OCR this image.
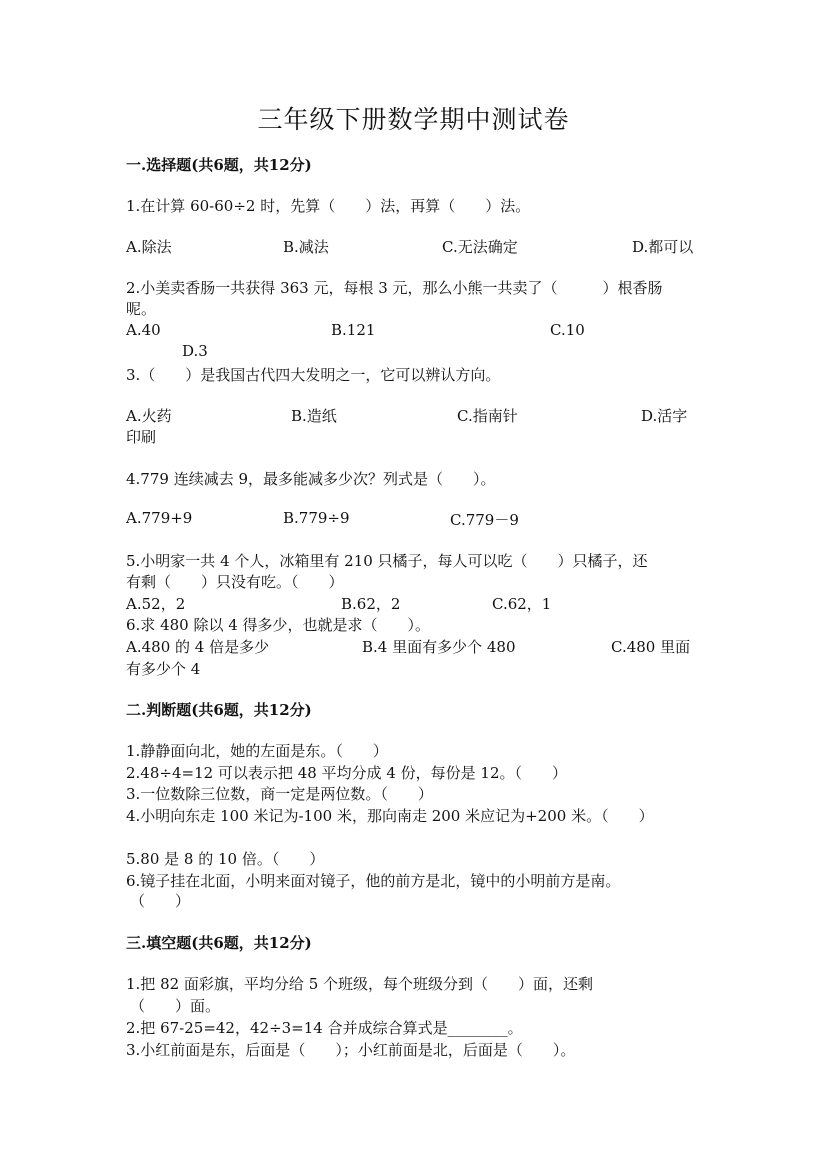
三年级下册数学期中测试卷
一.选择题(共6题，共12分)
1.在计算 60-60÷2 时，先算（　　）法，再算（　　）法。
A.除法	B.减法	C.无法确定	D.都可以
2.小美卖香肠一共获得 363 元，每根 3 元，那么小熊一共卖了（　　　）根香肠
呢。
A.40	B.121	C.10
D.3
3.（　　）是我国古代四大发明之一，它可以辨认方向。
A.火药	B.造纸	C.指南针	D.活字
印刷
4.779 连续减去 9，最多能减多少次？列式是（　　）。
A.779+9	B.779÷9	C.779－9
5.小明家一共 4 个人，冰箱里有 210 只橘子，每人可以吃（　　）只橘子，还
有剩（　　）只没有吃。（　　）
A.52，2	B.62，2	C.62，1
6.求 480 除以 4 得多少，也就是求（　　）。
A.480 的 4 倍是多少	B.4 里面有多少个 480	C.480 里面
有多少个 4
二.判断题(共6题，共12分)
1.静静面向北，她的左面是东。（　　）
2.48÷4=12 可以表示把 48 平均分成 4 份，每份是 12。（　　）
3.一位数除三位数，商一定是两位数。（　　）
4.小明向东走 100 米记为-100 米，那向南走 200 米应记为+200 米。（　　）
5.80 是 8 的 10 倍。（　　）
6.镜子挂在北面，小明来面对镜子，他的前方是北，镜中的小明前方是南。
（　　）
三.填空题(共6题，共12分)
1.把 82 面彩旗，平均分给 5 个班级，每个班级分到（　　）面，还剩
（　　）面。
2.把 67-25=42，42÷3=14 合并成综合算式是________。
3.小红前面是东，后面是（　　）；小红前面是北，后面是（　　）。
